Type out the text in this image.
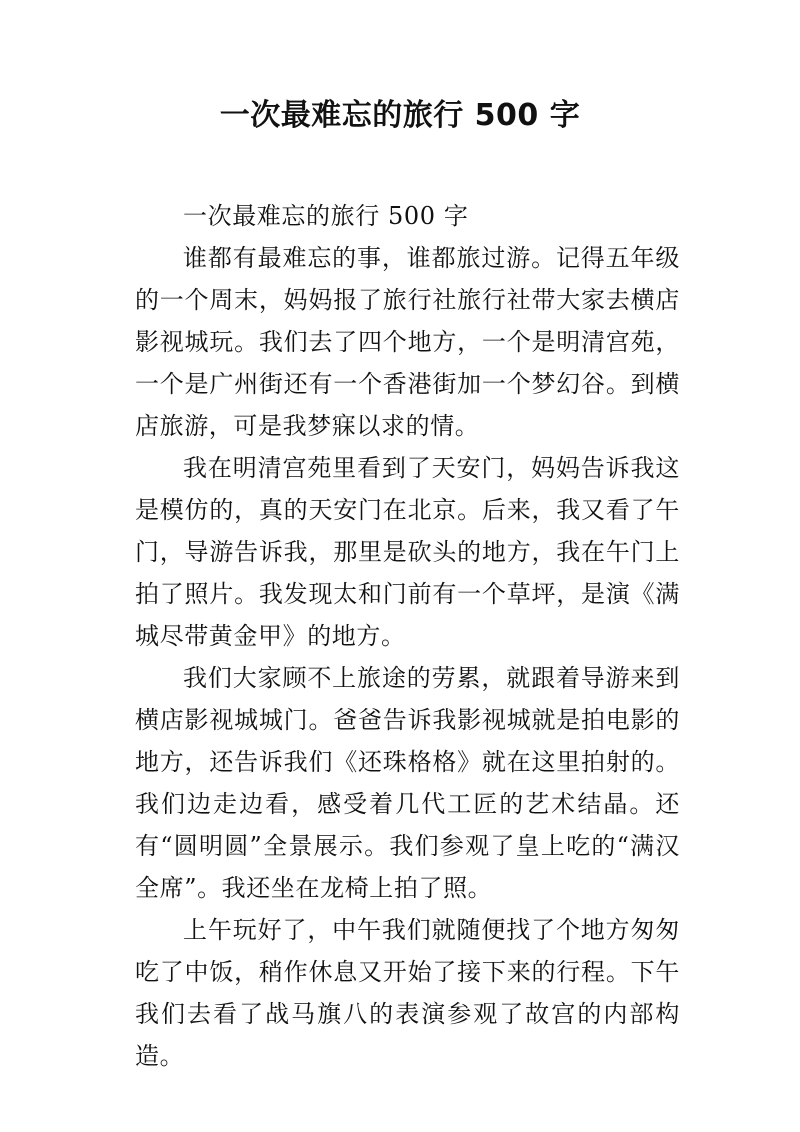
一次最难忘的旅行 500 字

一次最难忘的旅行 500 字

谁都有最难忘的事，谁都旅过游。记得五年级的一个周末，妈妈报了旅行社旅行社带大家去横店影视城玩。我们去了四个地方，一个是明清宫苑，一个是广州街还有一个香港街加一个梦幻谷。到横店旅游，可是我梦寐以求的情。

我在明清宫苑里看到了天安门，妈妈告诉我这是模仿的，真的天安门在北京。后来，我又看了午门，导游告诉我，那里是砍头的地方，我在午门上拍了照片。我发现太和门前有一个草坪，是演《满城尽带黄金甲》的地方。

我们大家顾不上旅途的劳累，就跟着导游来到横店影视城城门。爸爸告诉我影视城就是拍电影的地方，还告诉我们《还珠格格》就在这里拍射的。我们边走边看，感受着几代工匠的艺术结晶。还有“圆明圆”全景展示。我们参观了皇上吃的“满汉全席”。我还坐在龙椅上拍了照。

上午玩好了，中午我们就随便找了个地方匆匆吃了中饭，稍作休息又开始了接下来的行程。下午我们去看了战马旗八的表演参观了故宫的内部构造。
